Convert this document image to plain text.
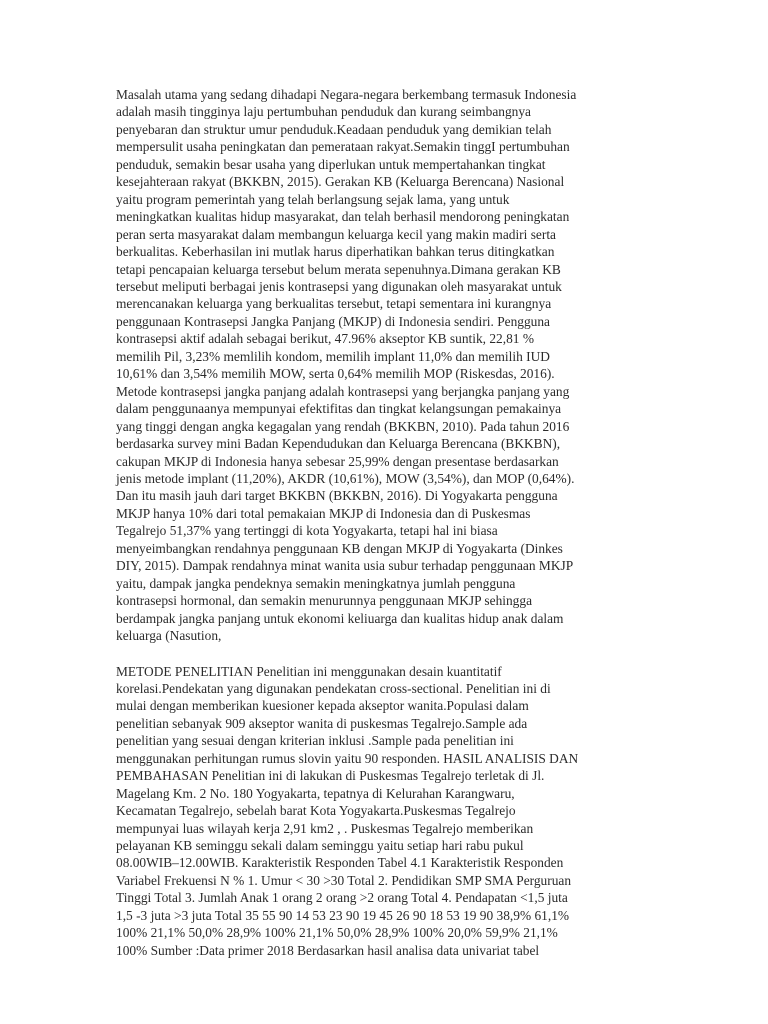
Masalah utama yang sedang dihadapi Negara-negara berkembang termasuk Indonesia
adalah masih tingginya laju pertumbuhan penduduk dan kurang seimbangnya
penyebaran dan struktur umur penduduk.Keadaan penduduk yang demikian telah
mempersulit usaha peningkatan dan pemerataan rakyat.Semakin tinggI pertumbuhan
penduduk, semakin besar usaha yang diperlukan untuk mempertahankan tingkat
kesejahteraan rakyat (BKKBN, 2015). Gerakan KB (Keluarga Berencana) Nasional
yaitu program pemerintah yang telah berlangsung sejak lama, yang untuk
meningkatkan kualitas hidup masyarakat, dan telah berhasil mendorong peningkatan
peran serta masyarakat dalam membangun keluarga kecil yang makin madiri serta
berkualitas. Keberhasilan ini mutlak harus diperhatikan bahkan terus ditingkatkan
tetapi pencapaian keluarga tersebut belum merata sepenuhnya.Dimana gerakan KB
tersebut meliputi berbagai jenis kontrasepsi yang digunakan oleh masyarakat untuk
merencanakan keluarga yang berkualitas tersebut, tetapi sementara ini kurangnya
penggunaan Kontrasepsi Jangka Panjang (MKJP) di Indonesia sendiri. Pengguna
kontrasepsi aktif adalah sebagai berikut, 47.96% akseptor KB suntik, 22,81 %
memilih Pil, 3,23% memlilih kondom, memilih implant 11,0% dan memilih IUD
10,61% dan 3,54% memilih MOW, serta 0,64% memilih MOP (Riskesdas, 2016).
Metode kontrasepsi jangka panjang adalah kontrasepsi yang berjangka panjang yang
dalam penggunaanya mempunyai efektifitas dan tingkat kelangsungan pemakainya
yang tinggi dengan angka kegagalan yang rendah (BKKBN, 2010). Pada tahun 2016
berdasarka survey mini Badan Kependudukan dan Keluarga Berencana (BKKBN),
cakupan MKJP di Indonesia hanya sebesar 25,99% dengan presentase berdasarkan
jenis metode implant (11,20%), AKDR (10,61%), MOW (3,54%), dan MOP (0,64%).
Dan itu masih jauh dari target BKKBN (BKKBN, 2016). Di Yogyakarta pengguna
MKJP hanya 10% dari total pemakaian MKJP di Indonesia dan di Puskesmas
Tegalrejo 51,37% yang tertinggi di kota Yogyakarta, tetapi hal ini biasa
menyeimbangkan rendahnya penggunaan KB dengan MKJP di Yogyakarta (Dinkes
DIY, 2015). Dampak rendahnya minat wanita usia subur terhadap penggunaan MKJP
yaitu, dampak jangka pendeknya semakin meningkatnya jumlah pengguna
kontrasepsi hormonal, dan semakin menurunnya penggunaan MKJP sehingga
berdampak jangka panjang untuk ekonomi keliuarga dan kualitas hidup anak dalam
keluarga (Nasution,

METODE PENELITIAN Penelitian ini menggunakan desain kuantitatif
korelasi.Pendekatan yang digunakan pendekatan cross-sectional. Penelitian ini di
mulai dengan memberikan kuesioner kepada akseptor wanita.Populasi dalam
penelitian sebanyak 909 akseptor wanita di puskesmas Tegalrejo.Sample ada
penelitian yang sesuai dengan kriterian inklusi .Sample pada penelitian ini
menggunakan perhitungan rumus slovin yaitu 90 responden. HASIL ANALISIS DAN
PEMBAHASAN Penelitian ini di lakukan di Puskesmas Tegalrejo terletak di Jl.
Magelang Km. 2 No. 180 Yogyakarta, tepatnya di Kelurahan Karangwaru,
Kecamatan Tegalrejo, sebelah barat Kota Yogyakarta.Puskesmas Tegalrejo
mempunyai luas wilayah kerja 2,91 km2 , . Puskesmas Tegalrejo memberikan
pelayanan KB seminggu sekali dalam seminggu yaitu setiap hari rabu pukul
08.00WIB–12.00WIB. Karakteristik Responden Tabel 4.1 Karakteristik Responden
Variabel Frekuensi N % 1. Umur < 30 >30 Total 2. Pendidikan SMP SMA Perguruan
Tinggi Total 3. Jumlah Anak 1 orang 2 orang >2 orang Total 4. Pendapatan <1,5 juta
1,5 -3 juta >3 juta Total 35 55 90 14 53 23 90 19 45 26 90 18 53 19 90 38,9% 61,1%
100% 21,1% 50,0% 28,9% 100% 21,1% 50,0% 28,9% 100% 20,0% 59,9% 21,1%
100% Sumber :Data primer 2018 Berdasarkan hasil analisa data univariat tabel
